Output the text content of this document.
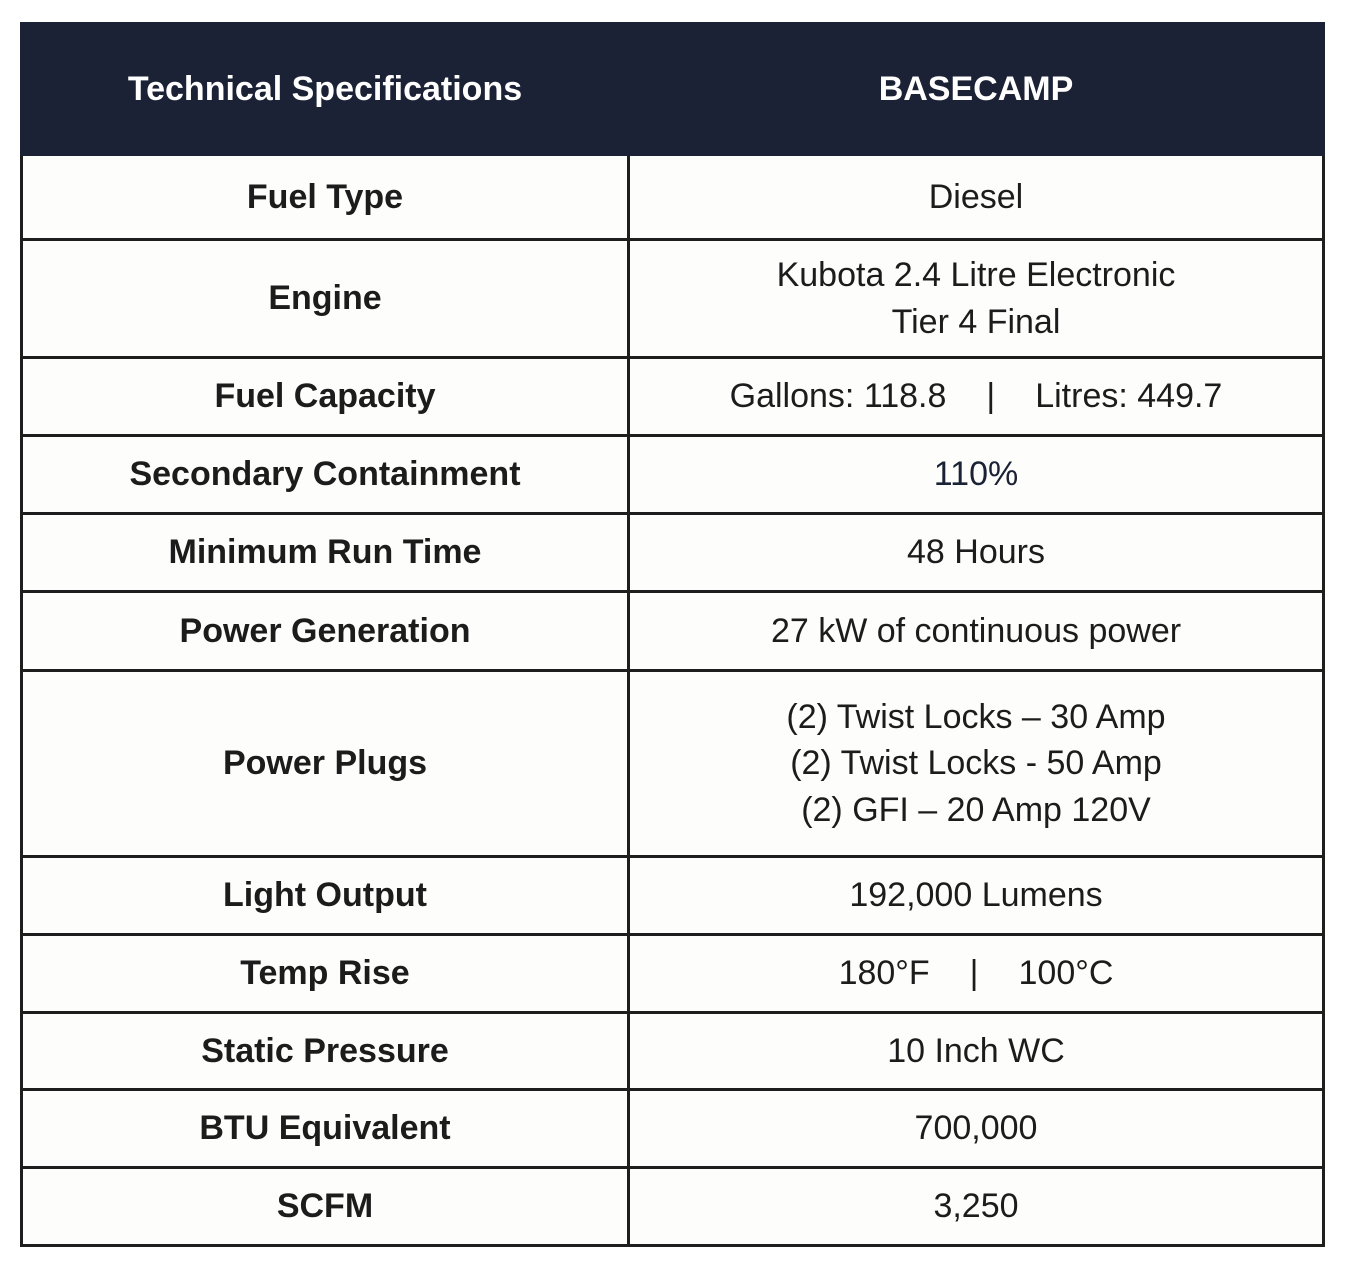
Technical Specifications	BASECAMP
Fuel Type	Diesel

Engine	Kubota 2.4 Litre Electronic
Tier 4 Final

Fuel Capacity	Gallons: 118.8 | Litres: 449.7
Secondary Containment	110%

Minimum Run Time	48 Hours

Power Generation	27 kW of continuous power

Power Plugs	(2) Twist Locks – 30 Amp
(2) Twist Locks - 50 Amp
(2) GFI – 20 Amp 120V

Light Output	192,000 Lumens

Temp Rise	180°F | 100°C
Static Pressure	10 Inch WC

BTU Equivalent	700,000

SCFM	3,250
